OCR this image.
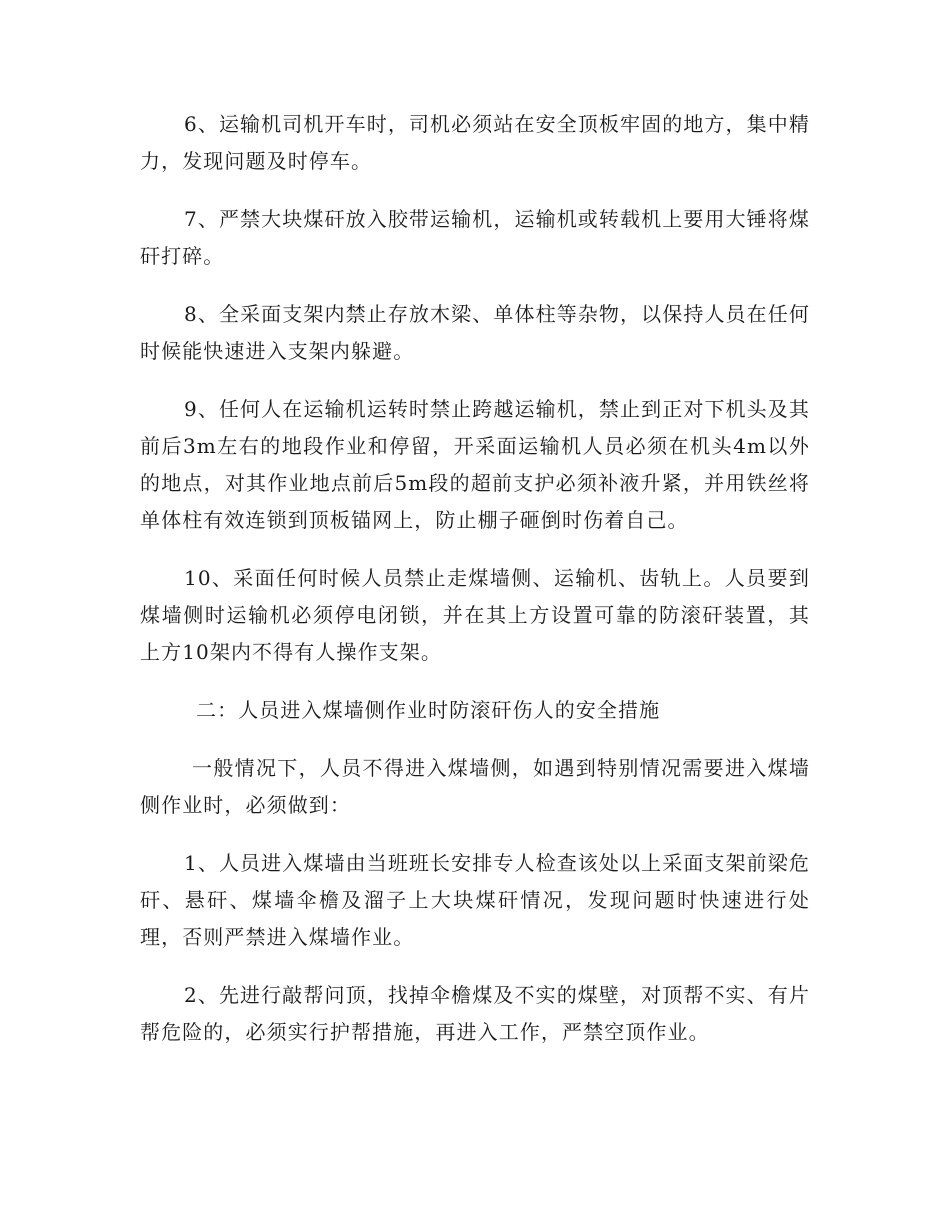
6、运输机司机开车时，司机必须站在安全顶板牢固的地方，集中精力，发现问题及时停车。

7、严禁大块煤矸放入胶带运输机，运输机或转载机上要用大锤将煤矸打碎。

8、全采面支架内禁止存放木梁、单体柱等杂物，以保持人员在任何时候能快速进入支架内躲避。

9、任何人在运输机运转时禁止跨越运输机，禁止到正对下机头及其前后3m左右的地段作业和停留，开采面运输机人员必须在机头4m以外的地点，对其作业地点前后5m段的超前支护必须补液升紧，并用铁丝将单体柱有效连锁到顶板锚网上，防止棚子砸倒时伤着自己。

10、采面任何时候人员禁止走煤墙侧、运输机、齿轨上。人员要到煤墙侧时运输机必须停电闭锁，并在其上方设置可靠的防滚矸装置，其上方10架内不得有人操作支架。

二：人员进入煤墙侧作业时防滚矸伤人的安全措施

一般情况下，人员不得进入煤墙侧，如遇到特别情况需要进入煤墙侧作业时，必须做到：

1、人员进入煤墙由当班班长安排专人检查该处以上采面支架前梁危矸、悬矸、煤墙伞檐及溜子上大块煤矸情况，发现问题时快速进行处理，否则严禁进入煤墙作业。

2、先进行敲帮问顶，找掉伞檐煤及不实的煤壁，对顶帮不实、有片帮危险的，必须实行护帮措施，再进入工作，严禁空顶作业。
